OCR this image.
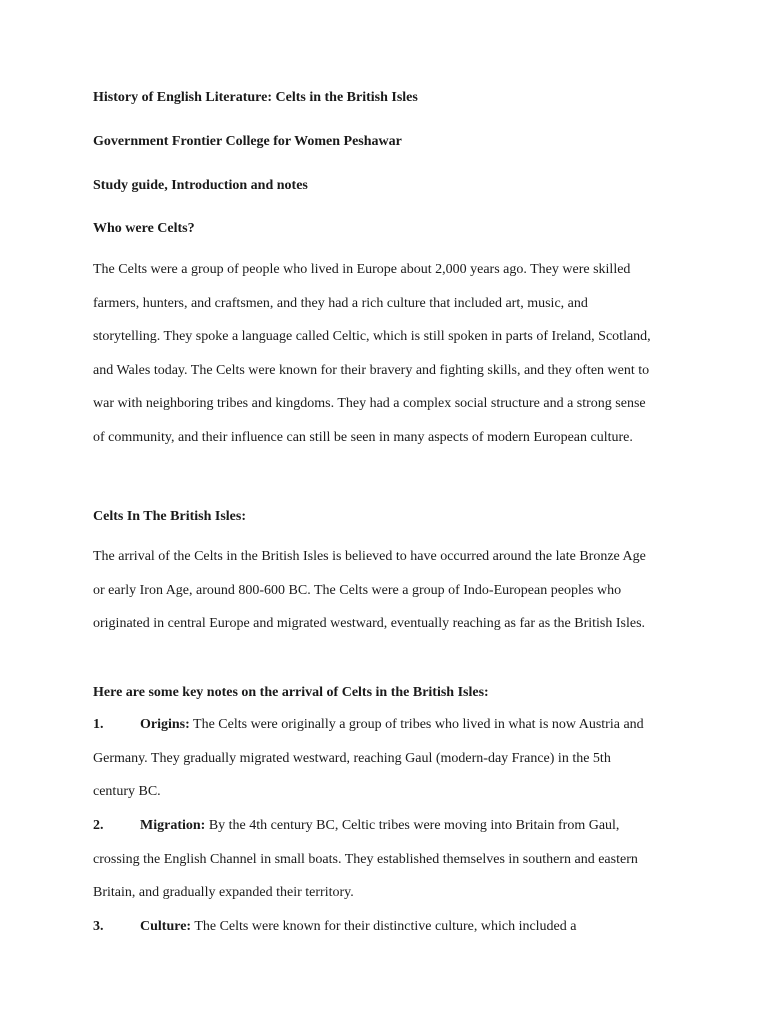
History of English Literature: Celts in the British Isles
Government Frontier College for Women Peshawar
Study guide, Introduction and notes
Who were Celts?

The Celts were a group of people who lived in Europe about 2,000 years ago. They were skilled farmers, hunters, and craftsmen, and they had a rich culture that included art, music, and storytelling. They spoke a language called Celtic, which is still spoken in parts of Ireland, Scotland, and Wales today. The Celts were known for their bravery and fighting skills, and they often went to war with neighboring tribes and kingdoms. They had a complex social structure and a strong sense of community, and their influence can still be seen in many aspects of modern European culture.

Celts In The British Isles:

The arrival of the Celts in the British Isles is believed to have occurred around the late Bronze Age or early Iron Age, around 800-600 BC. The Celts were a group of Indo-European peoples who originated in central Europe and migrated westward, eventually reaching as far as the British Isles.

Here are some key notes on the arrival of Celts in the British Isles:

1.	Origins: The Celts were originally a group of tribes who lived in what is now Austria and Germany. They gradually migrated westward, reaching Gaul (modern-day France) in the 5th century BC.

2.	Migration: By the 4th century BC, Celtic tribes were moving into Britain from Gaul, crossing the English Channel in small boats. They established themselves in southern and eastern Britain, and gradually expanded their territory.

3.	Culture: The Celts were known for their distinctive culture, which included a
